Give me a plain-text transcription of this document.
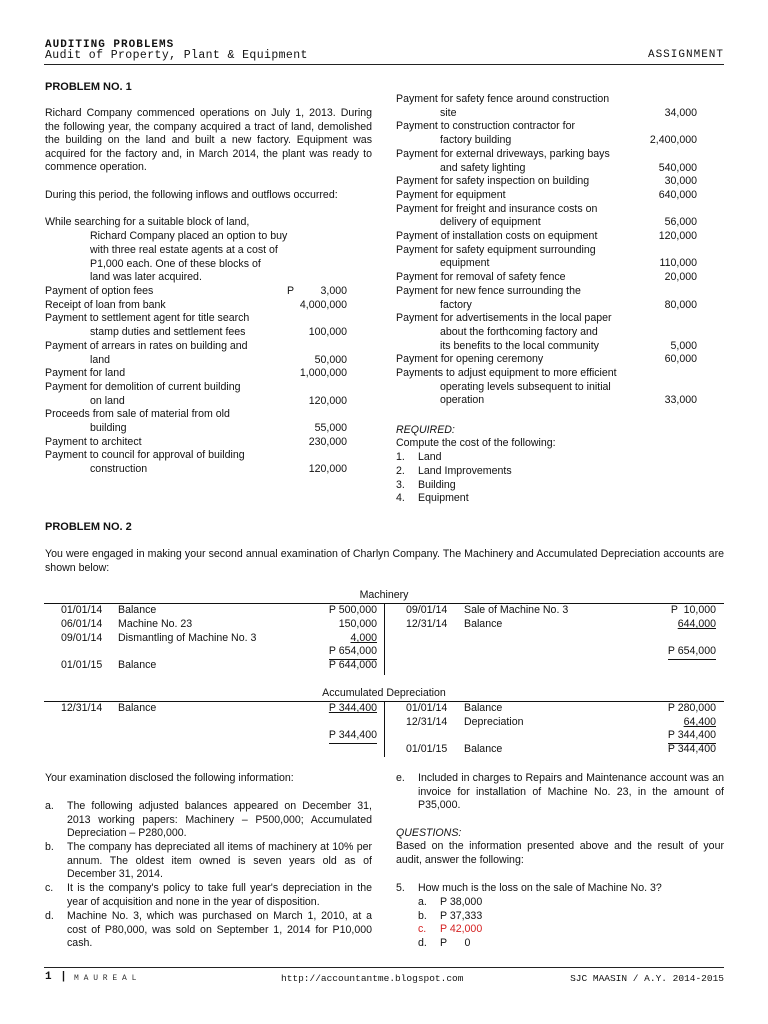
AUDITING PROBLEMS
Audit of Property, Plant & Equipment	ASSIGNMENT
PROBLEM NO. 1
Richard Company commenced operations on July 1, 2013. During the following year, the company acquired a tract of land, demolished the building on the land and built a new factory. Equipment was acquired for the factory and, in March 2014, the plant was ready to commence operation.
During this period, the following inflows and outflows occurred:
While searching for a suitable block of land,
Richard Company placed an option to buy
with three real estate agents at a cost of
P1,000 each. One of these blocks of
land was later acquired.
Payment of option fees	P 3,000
Receipt of loan from bank	4,000,000
Payment to settlement agent for title search
stamp duties and settlement fees	100,000
Payment of arrears in rates on building and
land	50,000
Payment for land	1,000,000
Payment for demolition of current building
on land	120,000
Proceeds from sale of material from old
building	55,000
Payment to architect	230,000
Payment to council for approval of building
construction	120,000
Payment for safety fence around construction
site	34,000
Payment to construction contractor for
factory building	2,400,000
Payment for external driveways, parking bays
and safety lighting	540,000
Payment for safety inspection on building	30,000
Payment for equipment	640,000
Payment for freight and insurance costs on
delivery of equipment	56,000
Payment of installation costs on equipment	120,000
Payment for safety equipment surrounding
equipment	110,000
Payment for removal of safety fence	20,000
Payment for new fence surrounding the
factory	80,000
Payment for advertisements in the local paper
about the forthcoming factory and
its benefits to the local community	5,000
Payment for opening ceremony	60,000
Payments to adjust equipment to more efficient
operating levels subsequent to initial
operation	33,000
REQUIRED:
Compute the cost of the following:
1. Land
2. Land Improvements
3. Building
4. Equipment
PROBLEM NO. 2
You were engaged in making your second annual examination of Charlyn Company. The Machinery and Accumulated Depreciation accounts are shown below:
Machinery
01/01/14 Balance	P 500,000
06/01/14 Machine No. 23	150,000
09/01/14 Dismantling of Machine No. 3	4,000
P 654,000
01/01/15 Balance	P 644,000
09/01/14 Sale of Machine No. 3	P  10,000
12/31/14 Balance	644,000
P 654,000
Accumulated Depreciation
12/31/14 Balance	P 344,400
P 344,400
01/01/14 Balance	P 280,000
12/31/14 Depreciation	64,400
P 344,400
01/01/15 Balance	P 344,400
Your examination disclosed the following information:
a. The following adjusted balances appeared on December 31, 2013 working papers: Machinery – P500,000; Accumulated Depreciation – P280,000.
b. The company has depreciated all items of machinery at 10% per annum. The oldest item owned is seven years old as of December 31, 2014.
c. It is the company's policy to take full year's depreciation in the year of acquisition and none in the year of disposition.
d. Machine No. 3, which was purchased on March 1, 2010, at a cost of P80,000, was sold on September 1, 2014 for P10,000 cash.
e. Included in charges to Repairs and Maintenance account was an invoice for installation of Machine No. 23, in the amount of P35,000.
QUESTIONS:
Based on the information presented above and the result of your audit, answer the following:
5. How much is the loss on the sale of Machine No. 3?
a. P 38,000
b. P 37,333
c. P 42,000
d. P      0
1 | M A U R E A L	http://accountantme.blogspot.com	SJC MAASIN / A.Y. 2014-2015
